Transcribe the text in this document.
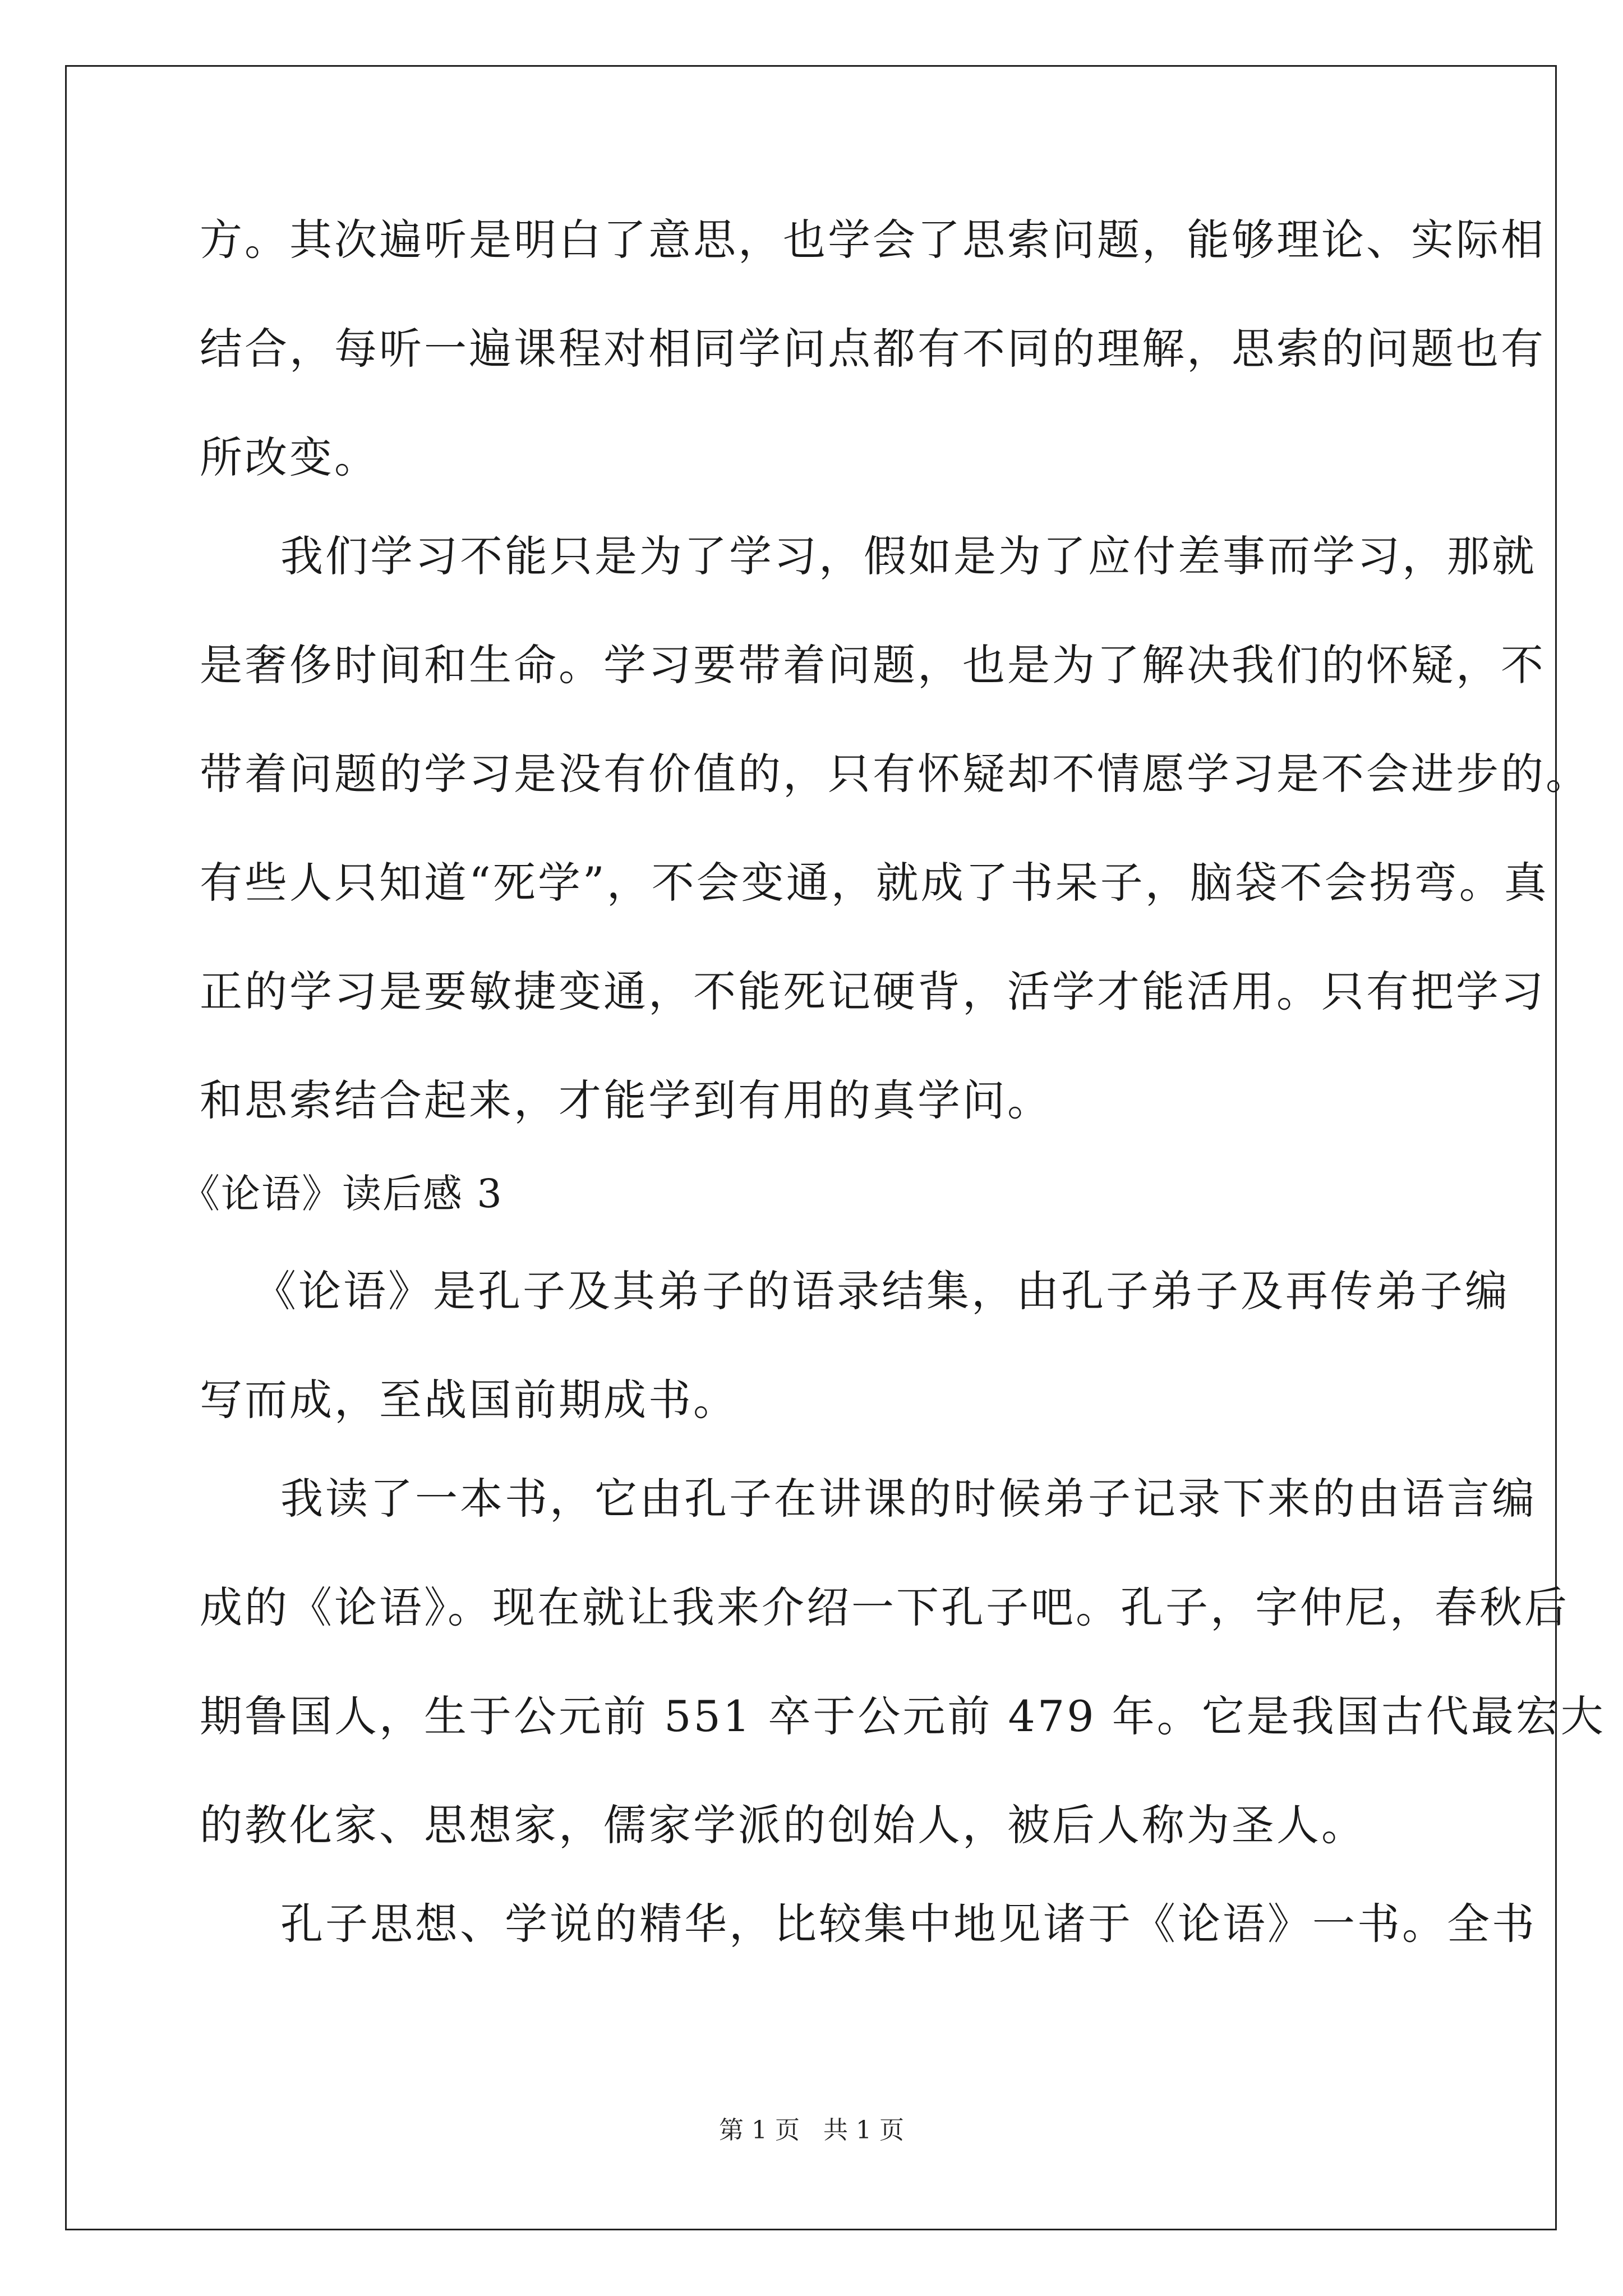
方。其次遍听是明白了意思，也学会了思索问题，能够理论、实际相
结合，每听一遍课程对相同学问点都有不同的理解，思索的问题也有
所改变。
我们学习不能只是为了学习，假如是为了应付差事而学习，那就
是奢侈时间和生命。学习要带着问题，也是为了解决我们的怀疑，不
带着问题的学习是没有价值的，只有怀疑却不情愿学习是不会进步的。
有些人只知道“死学”，不会变通，就成了书呆子，脑袋不会拐弯。真
正的学习是要敏捷变通，不能死记硬背，活学才能活用。只有把学习
和思索结合起来，才能学到有用的真学问。
《论语》读后感 3
《论语》是孔子及其弟子的语录结集，由孔子弟子及再传弟子编
写而成，至战国前期成书。
我读了一本书，它由孔子在讲课的时候弟子记录下来的由语言编
成的《论语》。现在就让我来介绍一下孔子吧。孔子，字仲尼，春秋后
期鲁国人，生于公元前 551 卒于公元前 479 年。它是我国古代最宏大
的教化家、思想家，儒家学派的创始人，被后人称为圣人。
孔子思想、学说的精华，比较集中地见诸于《论语》一书。全书
第 1 页 共 1 页
